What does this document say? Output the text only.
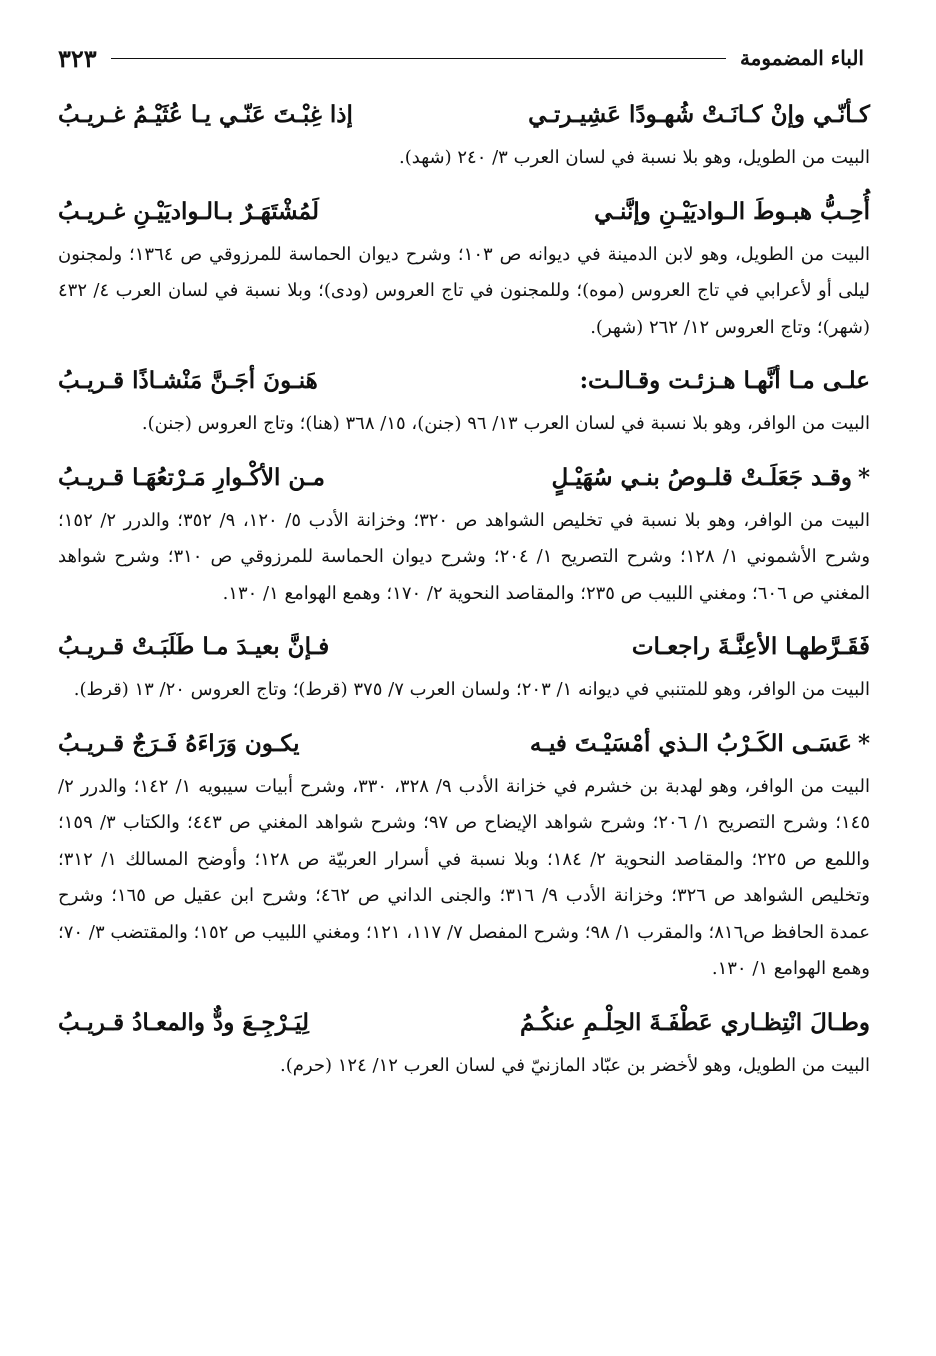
الباء المضمومة
٣٢٣
كـأنّـي وإنْ كـانَـتْ شُهـودًا عَشِيـرتـي
إذا غِبْـتَ عَنّـي يـا عُثَيْـمُ غـريـبُ
البيت من الطويل، وهو بلا نسبة في لسان العرب ٣/ ٢٤٠ (شهد).
أُحِـبُّ هبـوطَ الـواديَيْـنِ وإنَّنـي
لَمُشْتَهَـرٌ بـالـواديَيْـنِ غـريـبُ
البيت من الطويل، وهو لابن الدمينة في ديوانه ص ١٠٣؛ وشرح ديوان الحماسة للمرزوقي ص ١٣٦٤؛ ولمجنون ليلى أو لأعرابي في تاج العروس (موه)؛ وللمجنون في تاج العروس (ودى)؛ وبلا نسبة في لسان العرب ٤/ ٤٣٢ (شهر)؛ وتاج العروس ١٢/ ٢٦٢ (شهر).
علـى مـا أنَّهـا هـزئـت وقـالـت:
هَنـونَ أجَـنَّ مَنْشـاذًا قـريـبُ
البيت من الوافر، وهو بلا نسبة في لسان العرب ١٣/ ٩٦ (جنن)، ١٥/ ٣٦٨ (هنا)؛ وتاج العروس (جنن).
*وقـد جَعَلَـتْ قلـوصُ بنـي سُهَيْـلٍ
مـن الأكْـوارِ مَـرْتعُهَـا قـريـبُ
البيت من الوافر، وهو بلا نسبة في تخليص الشواهد ص ٣٢٠؛ وخزانة الأدب ٥/ ١٢٠، ٩/ ٣٥٢؛ والدرر ٢/ ١٥٢؛ وشرح الأشموني ١/ ١٢٨؛ وشرح التصريح ١/ ٢٠٤؛ وشرح ديوان الحماسة للمرزوقي ص ٣١٠؛ وشرح شواهد المغني ص ٦٠٦؛ ومغني اللبيب ص ٢٣٥؛ والمقاصد النحوية ٢/ ١٧٠؛ وهمع الهوامع ١/ ١٣٠.
فَقَـرَّطهـا الأعِنَّـةَ راجعـات
فـإنَّ بعيـدَ مـا طَلَبَـتْ قـريـبُ
البيت من الوافر، وهو للمتنبي في ديوانه ١/ ٢٠٣؛ ولسان العرب ٧/ ٣٧٥ (قرط)؛ وتاج العروس ٢٠/ ١٣ (قرط).
*عَسَـى الكَـرْبُ الـذي أمْسَيْـتَ فيـه
يكـون وَرَاءَهُ فَـرَجٌ قـريـبُ
البيت من الوافر، وهو لهدبة بن خشرم في خزانة الأدب ٩/ ٣٢٨، ٣٣٠، وشرح أبيات سيبويه ١/ ١٤٢؛ والدرر ٢/ ١٤٥؛ وشرح التصريح ١/ ٢٠٦؛ وشرح شواهد الإيضاح ص ٩٧؛ وشرح شواهد المغني ص ٤٤٣؛ والكتاب ٣/ ١٥٩؛ واللمع ص ٢٢٥؛ والمقاصد النحوية ٢/ ١٨٤؛ وبلا نسبة في أسرار العربيّة ص ١٢٨؛ وأوضح المسالك ١/ ٣١٢؛ وتخليص الشواهد ص ٣٢٦؛ وخزانة الأدب ٩/ ٣١٦؛ والجنى الداني ص ٤٦٢؛ وشرح ابن عقيل ص ١٦٥؛ وشرح عمدة الحافظ ص٨١٦؛ والمقرب ١/ ٩٨؛ وشرح المفصل ٧/ ١١٧، ١٢١؛ ومغني اللبيب ص ١٥٢؛ والمقتضب ٣/ ٧٠؛ وهمع الهوامع ١/ ١٣٠.
وطـالَ انْتِظـاري عَطْفَـةَ الحِلْـمِ عنكُـمُ
لِيَـرْجِـعَ ودٌّ والمعـادُ قـريـبُ
البيت من الطويل، وهو لأخضر بن عبّاد المازنيّ في لسان العرب ١٢/ ١٢٤ (حرم).
